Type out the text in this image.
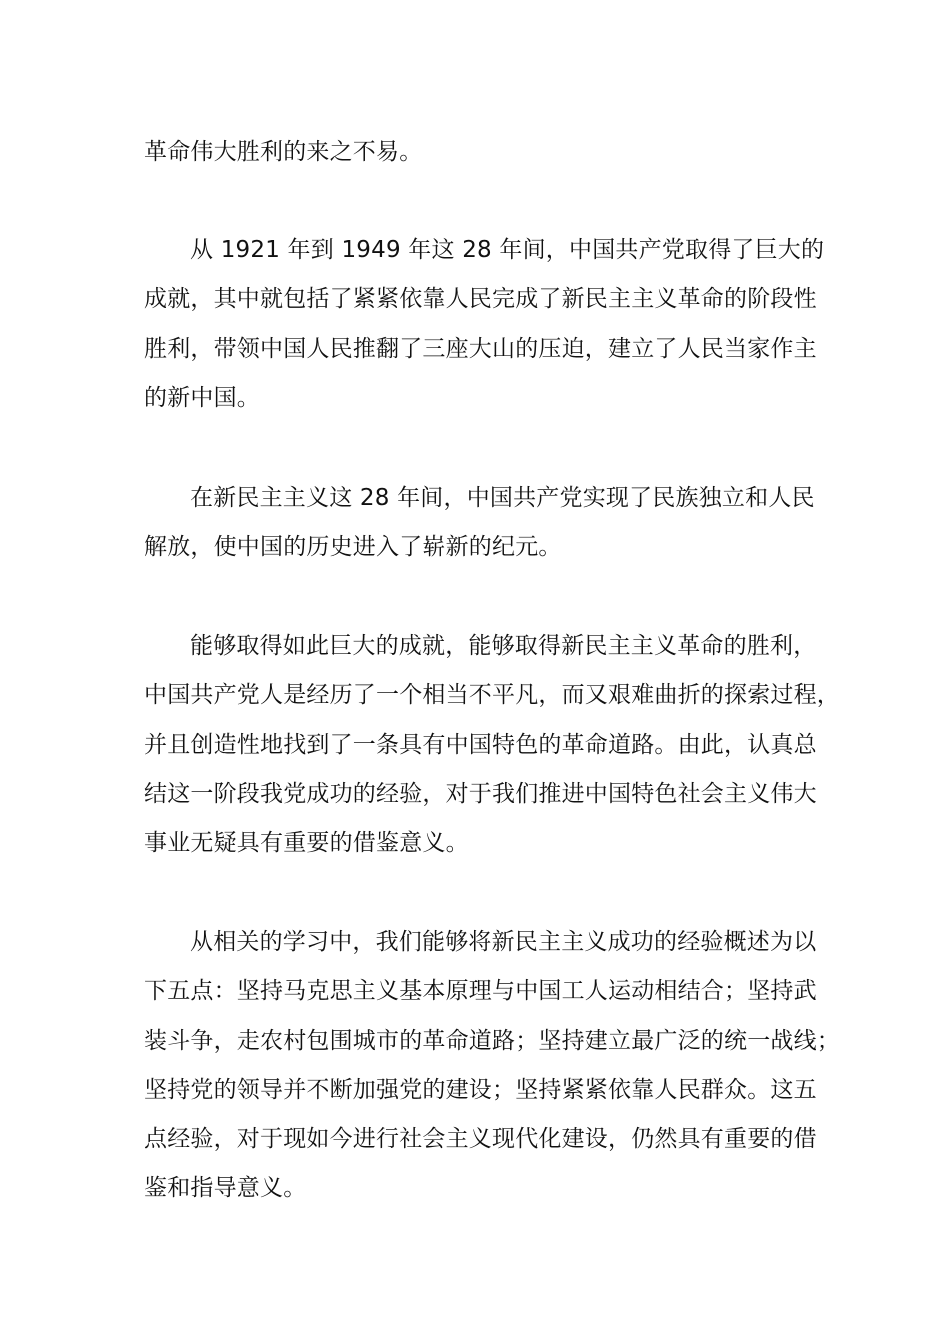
革命伟大胜利的来之不易。
从 1921 年到 1949 年这 28 年间，中国共产党取得了巨大的
成就，其中就包括了紧紧依靠人民完成了新民主主义革命的阶段性
胜利，带领中国人民推翻了三座大山的压迫，建立了人民当家作主
的新中国。
在新民主主义这 28 年间，中国共产党实现了民族独立和人民
解放，使中国的历史进入了崭新的纪元。
能够取得如此巨大的成就，能够取得新民主主义革命的胜利，
中国共产党人是经历了一个相当不平凡，而又艰难曲折的探索过程，
并且创造性地找到了一条具有中国特色的革命道路。由此，认真总
结这一阶段我党成功的经验，对于我们推进中国特色社会主义伟大
事业无疑具有重要的借鉴意义。
从相关的学习中，我们能够将新民主主义成功的经验概述为以
下五点：坚持马克思主义基本原理与中国工人运动相结合；坚持武
装斗争，走农村包围城市的革命道路；坚持建立最广泛的统一战线；
坚持党的领导并不断加强党的建设；坚持紧紧依靠人民群众。这五
点经验，对于现如今进行社会主义现代化建设，仍然具有重要的借
鉴和指导意义。
